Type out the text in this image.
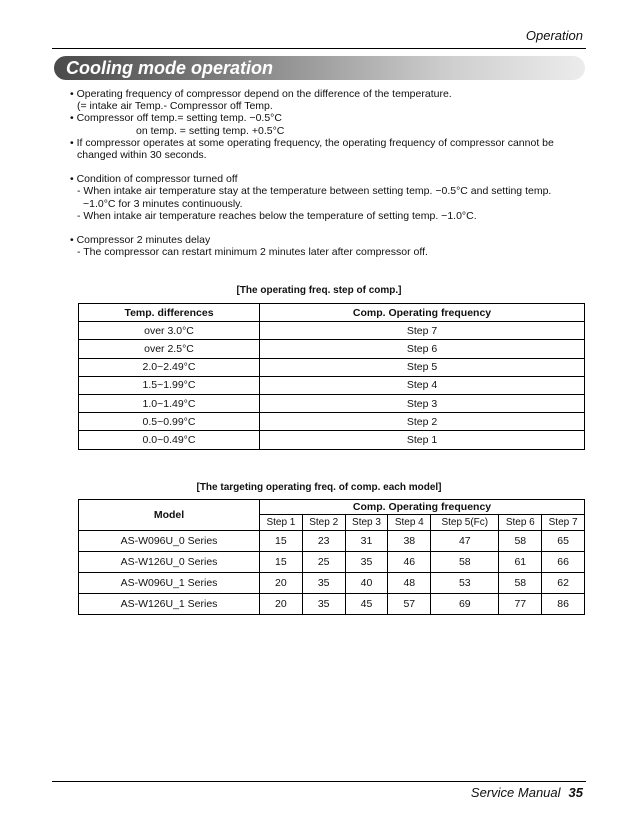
Operation
Cooling mode operation

• Operating frequency of compressor depend on the difference of the temperature.

(= intake air Temp.- Compressor off Temp.

• Compressor off temp.= setting temp. −0.5°C

on temp. = setting temp. +0.5°C

• If compressor operates at some operating frequency, the operating frequency of compressor cannot be

changed within 30 seconds.

• Condition of compressor turned off

- When intake air temperature stay at the temperature between setting temp. −0.5°C and setting temp.

−1.0°C for 3 minutes continuously.

- When intake air temperature reaches below the temperature of setting temp. −1.0°C.

• Compressor 2 minutes delay

- The compressor can restart minimum 2 minutes later after compressor off.

[The operating freq. step of comp.]
Temp. differences	Comp. Operating frequency
over 3.0°C	Step 7
over 2.5°C	Step 6
2.0~2.49°C	Step 5
1.5~1.99°C	Step 4
1.0~1.49°C	Step 3
0.5~0.99°C	Step 2
0.0~0.49°C	Step 1
[The targeting operating freq. of comp. each model]
Model	Comp. Operating frequency						
	Step 1	Step 2	Step 3	Step 4	Step 5(Fc)	Step 6	Step 7
AS-W096U_0 Series	15	23	31	38	47	58	65
AS-W126U_0 Series	15	25	35	46	58	61	66
AS-W096U_1 Series	20	35	40	48	53	58	62
AS-W126U_1 Series	20	35	45	57	69	77	86
Service Manual 35
